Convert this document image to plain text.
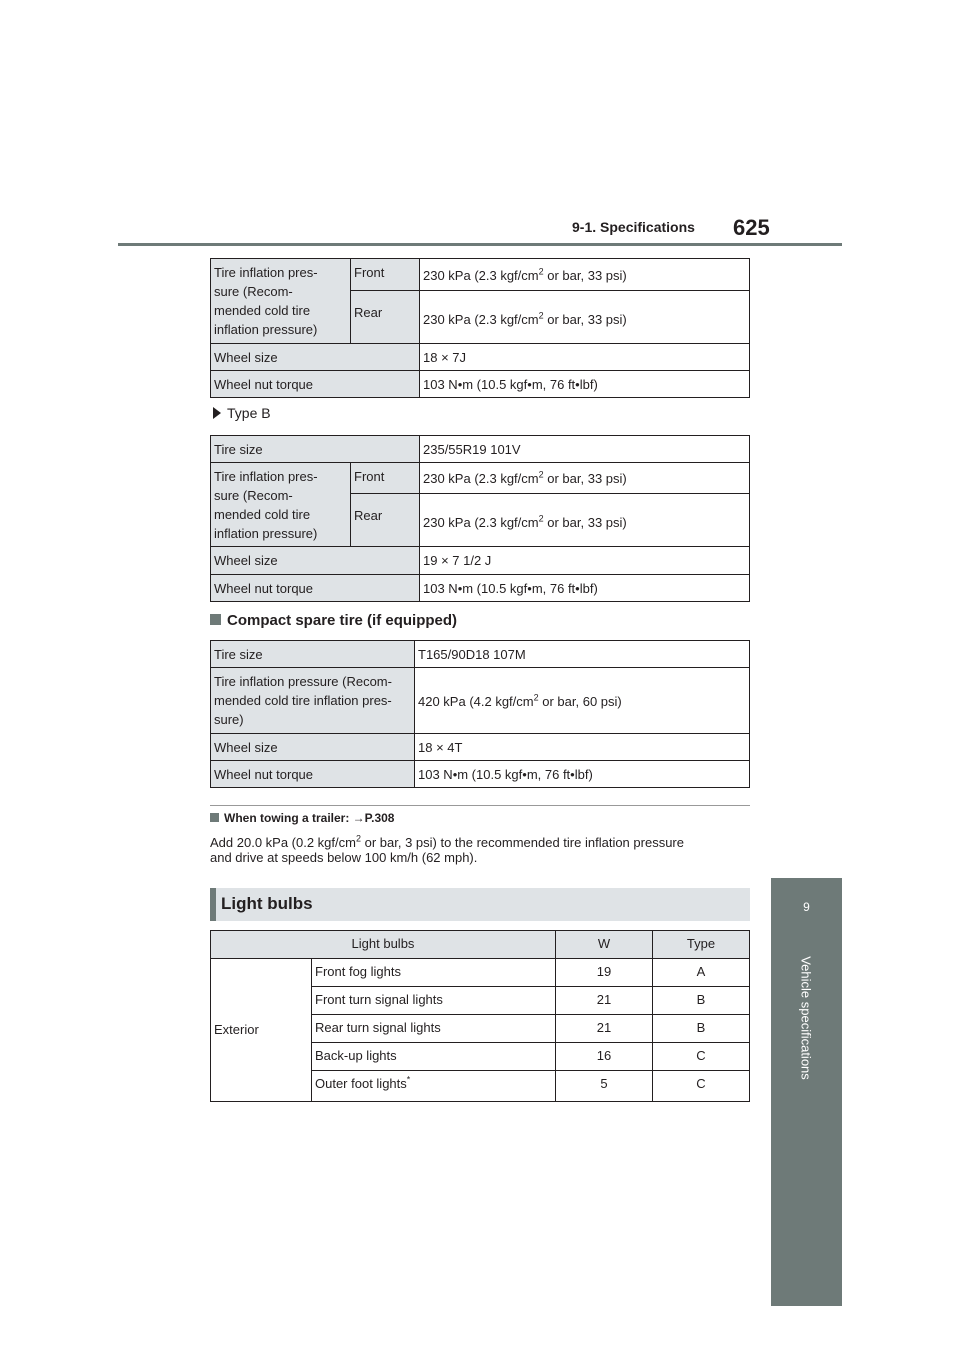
9-1. Specifications 625
9
Vehicle specifications
Tire inflation pres-
sure (Recom-
mended cold tire
inflation pressure)	Front	230 kPa (2.3 kgf/$cm^2$ or bar, 33 psi)
	Rear	230 kPa (2.3 kgf/$cm^2$ or bar, 33 psi)
Wheel size		18 × 7J
Wheel nut torque		103 N•m (10.5 kgf•m, 76 ft•lbf)
Type B
Tire size		235/55R19 101V

Tire inflation pres-
sure (Recom-
mended cold tire
inflation pressure)	Front	230 kPa (2.3 kgf/$cm^2$ or bar, 33 psi)
	Rear	230 kPa (2.3 kgf/$cm^2$ or bar, 33 psi)
Wheel size		19 × 7 1/2 J
Wheel nut torque		103 N•m (10.5 kgf•m, 76 ft•lbf)
Compact spare tire (if equipped)
Tire size	T165/90D18 107M

Tire inflation pressure (Recom-
mended cold tire inflation pres-
sure)	420 kPa (4.2 kgf/$cm^2$ or bar, 60 psi)
Wheel size	18 × 4T
Wheel nut torque	103 N•m (10.5 kgf•m, 76 ft•lbf)
When towing a trailer: →P.308
Add 20.0 kPa (0.2 kgf/$cm^2$ or bar, 3 psi) to the recommended tire inflation pressure
and drive at speeds below 100 km/h (62 mph).
Light bulbs
Light bulbs		W	Type
Exterior	Front fog lights	19	A
	Front turn signal lights	21	B
	Rear turn signal lights	21	B
	Back-up lights	16	C
	Outer foot lights*	5	C
